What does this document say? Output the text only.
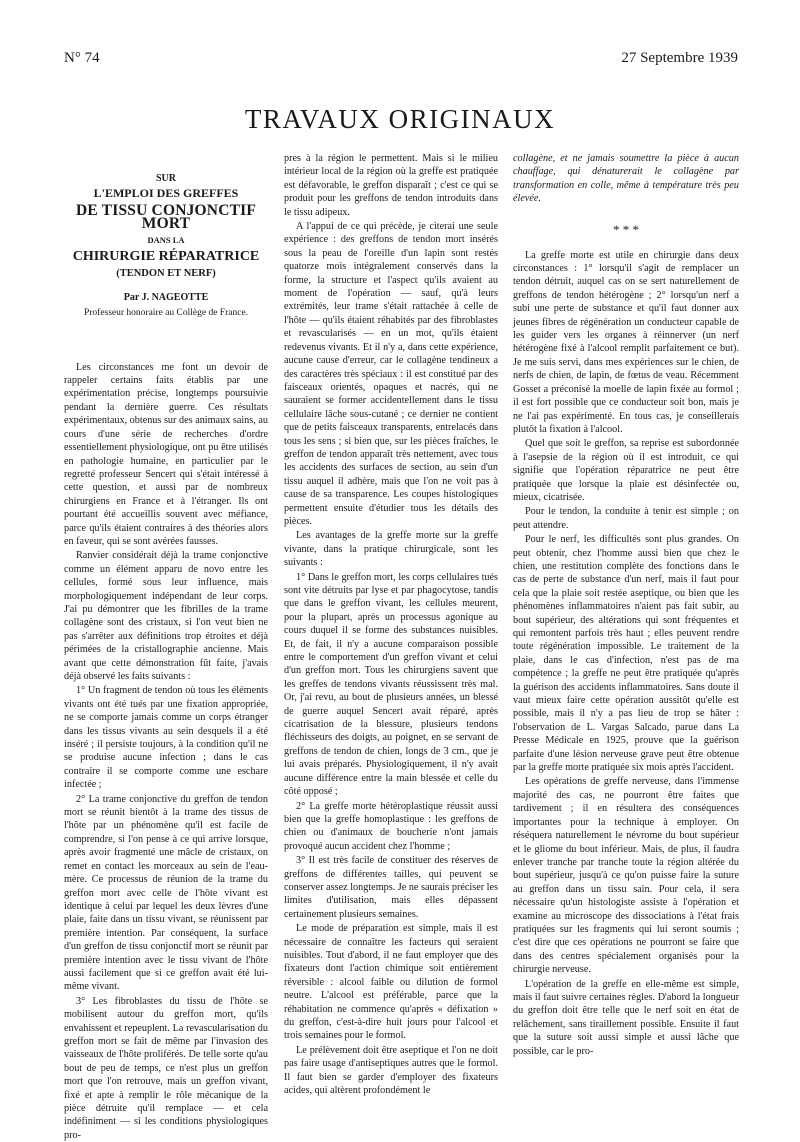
N° 74	27 Septembre 1939
TRAVAUX ORIGINAUX
SUR
L'EMPLOI DES GREFFES
DE TISSU CONJONCTIF MORT
DANS LA
CHIRURGIE RÉPARATRICE
(TENDON ET NERF)
Par J. NAGEOTTE
Professeur honoraire au Collège de France.

Les circonstances me font un devoir de rappeler certains faits établis par une expérimentation précise, longtemps poursuivie pendant la dernière guerre. Ces résultats expérimentaux, obtenus sur des animaux sains, au cours d'une série de recherches d'ordre essentiellement physiologique, ont pu être utilisés en pathologie humaine, en particulier par le regretté professeur Sencert qui s'était intéressé à cette question, et aussi par de nombreux chirurgiens en France et à l'étranger. Ils ont pourtant été accueillis souvent avec méfiance, parce qu'ils étaient contraires à des théories alors en faveur, qui se sont avérées fausses.

Ranvier considérait déjà la trame conjonctive comme un élément apparu de novo entre les cellules, formé sous leur influence, mais morphologiquement indépendant de leur corps. J'ai pu démontrer que les fibrilles de la trame collagène sont des cristaux, si l'on veut bien ne pas s'arrêter aux définitions trop étroites et déjà périmées de la cristallographie ancienne. Mais avant que cette démonstration fût faite, j'avais déjà observé les faits suivants :

1° Un fragment de tendon où tous les éléments vivants ont été tués par une fixation appropriée, ne se comporte jamais comme un corps étranger dans les tissus vivants au sein desquels il a été inséré ; il persiste toujours, à la condition qu'il ne se produise aucune infection ; dans le cas contraire il se comporte comme une eschare infectée ;

2° La trame conjonctive du greffon de tendon mort se réunit bientôt à la trame des tissus de l'hôte par un phénomène qu'il est facile de comprendre, si l'on pense à ce qui arrive lorsque, après avoir fragmenté une mâcle de cristaux, on remet en contact les morceaux au sein de l'eau-mère. Ce processus de réunion de la trame du greffon mort avec celle de l'hôte vivant est identique à celui par lequel les deux lèvres d'une plaie, faite dans un tissu vivant, se réunissent par première intention. Par conséquent, la surface d'un greffon de tissu conjonctif mort se réunit par première intention avec le tissu vivant de l'hôte aussi facilement que si ce greffon avait été lui-même vivant.

3° Les fibroblastes du tissu de l'hôte se mobilisent autour du greffon mort, qu'ils envahissent et repeuplent. La revascularisation du greffon mort se fait de même par l'invasion des vaisseaux de l'hôte proliférés. De telle sorte qu'au bout de peu de temps, ce n'est plus un greffon mort que l'on retrouve, mais un greffon vivant, fixé et apte à remplir le rôle mécanique de la pièce détruite qu'il remplace — et cela indéfiniment — si les conditions physiologiques pro-

pres à la région le permettent. Mais si le milieu intérieur local de la région où la greffe est pratiquée est défavorable, le greffon disparaît ; c'est ce qui se produit pour les greffons de tendon introduits dans le tissu adipeux.

A l'appui de ce qui précède, je citerai une seule expérience : des greffons de tendon mort insérés sous la peau de l'oreille d'un lapin sont restés quatorze mois intégralement conservés dans la forme, la structure et l'aspect qu'ils avaient au moment de l'opération — sauf, qu'à leurs extrémités, leur trame s'était rattachée à celle de l'hôte — qu'ils étaient réhabités par des fibroblastes et revascularisés — en un mot, qu'ils étaient redevenus vivants. Et il n'y a, dans cette expérience, aucune cause d'erreur, car le collagène tendineux a des caractères très spéciaux : il est constitué par des faisceaux orientés, opaques et nacrés, qui ne sauraient se former accidentellement dans le tissu cellulaire lâche sous-cutané ; ce dernier ne contient que de petits faisceaux transparents, entrelacés dans tous les sens ; si bien que, sur les pièces fraîches, le greffon de tendon apparaît très nettement, avec tous les accidents des surfaces de section, au sein d'un tissu auquel il adhère, mais que l'on ne voit pas à cause de sa transparence. Les coupes histologiques permettent ensuite d'étudier tous les détails des pièces.

Les avantages de la greffe morte sur la greffe vivante, dans la pratique chirurgicale, sont les suivants :

1° Dans le greffon mort, les corps cellulaires tués sont vite détruits par lyse et par phagocytose, tandis que dans le greffon vivant, les cellules meurent, pour la plupart, après un processus agonique au cours duquel il se forme des substances nuisibles. Et, de fait, il n'y a aucune comparaison possible entre le comportement d'un greffon vivant et celui d'un greffon mort. Tous les chirurgiens savent que les greffes de tendons vivants réussissent très mal. Or, j'ai revu, au bout de plusieurs années, un blessé de guerre auquel Sencert avait réparé, après cicatrisation de la blessure, plusieurs tendons fléchisseurs des doigts, au poignet, en se servant de greffons de tendon de chien, longs de 3 cm., que je lui avais préparés. Physiologiquement, il n'y avait aucune différence entre la main blessée et celle du côté opposé ;

2° La greffe morte hétéroplastique réussit aussi bien que la greffe homoplastique : les greffons de chien ou d'animaux de boucherie n'ont jamais provoqué aucun accident chez l'homme ;

3° Il est très facile de constituer des réserves de greffons de différentes tailles, qui peuvent se conserver assez longtemps. Je ne saurais préciser les limites d'utilisation, mais elles dépassent certainement plusieurs semaines.

Le mode de préparation est simple, mais il est nécessaire de connaître les facteurs qui seraient nuisibles. Tout d'abord, il ne faut employer que des fixateurs dont l'action chimique soit entièrement réversible : alcool faible ou dilution de formol neutre. L'alcool est préférable, parce que la réhabitation ne commence qu'après « défixation » du greffon, c'est-à-dire huit jours pour l'alcool et trois semaines pour le formol.

Le prélèvement doit être aseptique et l'on ne doit pas faire usage d'antiseptiques autres que le formol. Il faut bien se garder d'employer des fixateurs acides, qui altèrent profondément le

collagène, et ne jamais soumettre la pièce à aucun chauffage, qui dénaturerait le collagène par transformation en colle, même à température très peu élevée.

* * *

La greffe morte est utile en chirurgie dans deux circonstances : 1° lorsqu'il s'agit de remplacer un tendon détruit, auquel cas on se sert naturellement de greffons de tendon hétérogène ; 2° lorsqu'un nerf a subi une perte de substance et qu'il faut donner aux jeunes fibres de régénération un conducteur capable de les guider vers les organes à réinnerver (un nerf hétérogène fixé à l'alcool remplit parfaitement ce but). Je me suis servi, dans mes expériences sur le chien, de nerfs de chien, de lapin, de fœtus de veau. Récemment Gosset a préconisé la moelle de lapin fixée au formol ; il est fort possible que ce conducteur soit bon, mais je ne l'ai pas expérimenté. En tous cas, je conseillerais plutôt la fixation à l'alcool.

Quel que soit le greffon, sa reprise est subordonnée à l'asepsie de la région où il est introduit, ce qui signifie que l'opération réparatrice ne peut être pratiquée que lorsque la plaie est désinfectée ou, mieux, cicatrisée.

Pour le tendon, la conduite à tenir est simple ; on peut attendre.

Pour le nerf, les difficultés sont plus grandes. On peut obtenir, chez l'homme aussi bien que chez le chien, une restitution complète des fonctions dans le cas de perte de substance d'un nerf, mais il faut pour cela que la plaie soit restée aseptique, ou bien que les phénomènes inflammatoires n'aient pas fait subir, au bout supérieur, des altérations qui sont fréquentes et qui remontent parfois très haut ; elles peuvent rendre toute régénération impossible. Le traitement de la plaie, dans le cas d'infection, n'est pas de ma compétence ; la greffe ne peut être pratiquée qu'après la guérison des accidents inflammatoires. Sans doute il vaut mieux faire cette opération aussitôt qu'elle est possible, mais il n'y a pas lieu de trop se hâter : l'observation de L. Vargas Salcado, parue dans La Presse Médicale en 1925, prouve que la guérison parfaite d'une lésion nerveuse grave peut être obtenue par la greffe morte pratiquée six mois après l'accident.

Les opérations de greffe nerveuse, dans l'immense majorité des cas, ne pourront être faites que tardivement ; il en résultera des conséquences importantes pour la technique à employer. On réséquera naturellement le névrome du bout supérieur et le gliome du bout inférieur. Mais, de plus, il faudra enlever tranche par tranche toute la région altérée du bout supérieur, jusqu'à ce qu'on puisse faire la suture au greffon dans un tissu sain. Pour cela, il sera nécessaire qu'un histologiste assiste à l'opération et examine au microscope des dissociations à l'état frais pratiquées sur les fragments qui lui seront soumis ; c'est dire que ces opérations ne pourront se faire que dans des centres spécialement organisés pour la chirurgie nerveuse.

L'opération de la greffe en elle-même est simple, mais il faut suivre certaines règles. D'abord la longueur du greffon doit être telle que le nerf soit en état de relâchement, sans tiraillement possible. Ensuite il faut que la suture soit aussi simple et aussi lâche que possible, car le pro-
